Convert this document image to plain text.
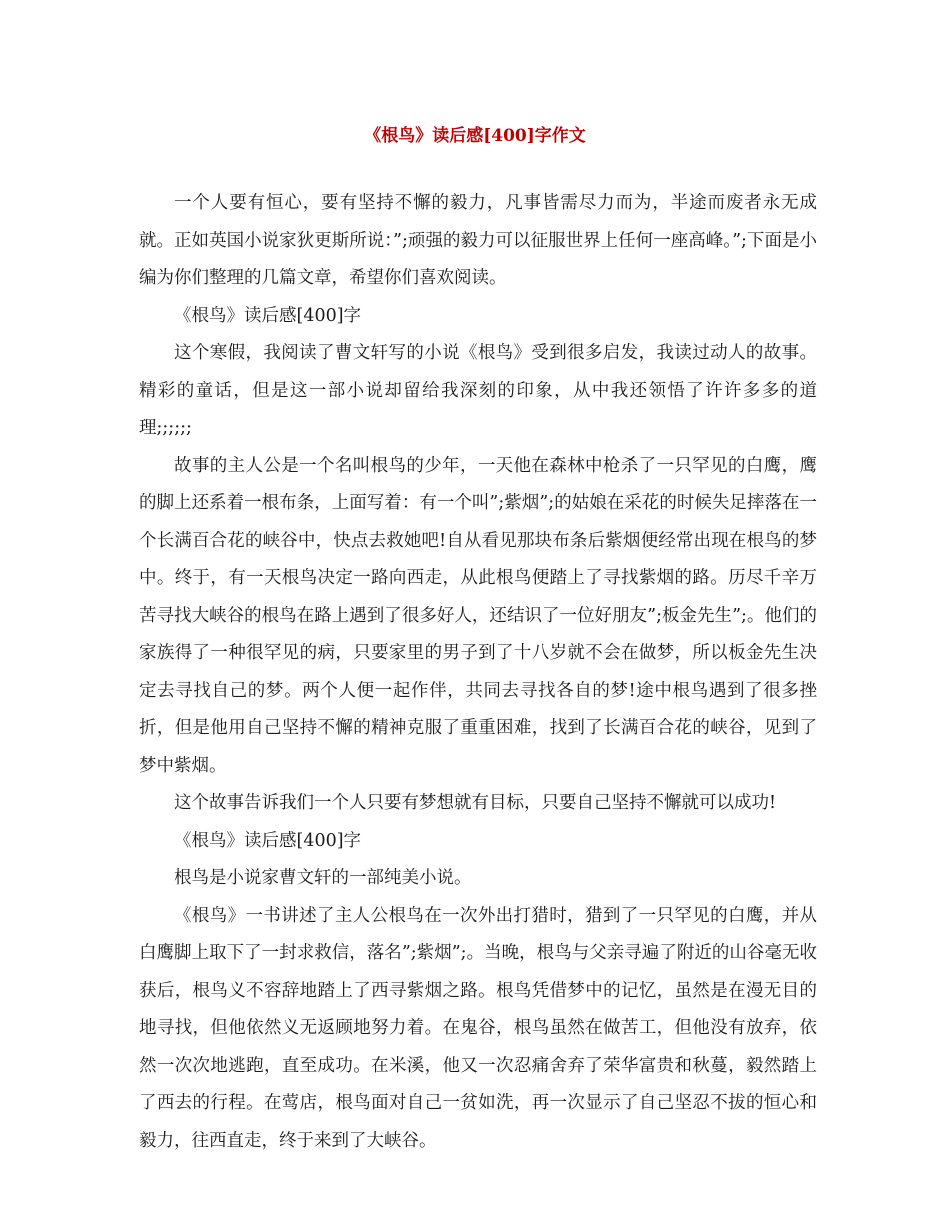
《根鸟》读后感[400]字作文

一个人要有恒心，要有坚持不懈的毅力，凡事皆需尽力而为，半途而废者永无成就。正如英国小说家狄更斯所说：”;顽强的毅力可以征服世界上任何一座高峰。”;下面是小编为你们整理的几篇文章，希望你们喜欢阅读。

《根鸟》读后感[400]字

这个寒假，我阅读了曹文轩写的小说《根鸟》受到很多启发，我读过动人的故事。精彩的童话，但是这一部小说却留给我深刻的印象，从中我还领悟了许许多多的道理;;;;;;

故事的主人公是一个名叫根鸟的少年，一天他在森林中枪杀了一只罕见的白鹰，鹰的脚上还系着一根布条，上面写着：有一个叫”;紫烟”;的姑娘在采花的时候失足摔落在一个长满百合花的峡谷中，快点去救她吧!自从看见那块布条后紫烟便经常出现在根鸟的梦中。终于，有一天根鸟决定一路向西走，从此根鸟便踏上了寻找紫烟的路。历尽千辛万苦寻找大峡谷的根鸟在路上遇到了很多好人，还结识了一位好朋友”;板金先生”;。他们的家族得了一种很罕见的病，只要家里的男子到了十八岁就不会在做梦，所以板金先生决定去寻找自己的梦。两个人便一起作伴，共同去寻找各自的梦!途中根鸟遇到了很多挫折，但是他用自己坚持不懈的精神克服了重重困难，找到了长满百合花的峡谷，见到了梦中紫烟。

这个故事告诉我们一个人只要有梦想就有目标，只要自己坚持不懈就可以成功!

《根鸟》读后感[400]字

根鸟是小说家曹文轩的一部纯美小说。

《根鸟》一书讲述了主人公根鸟在一次外出打猎时，猎到了一只罕见的白鹰，并从白鹰脚上取下了一封求救信，落名”;紫烟”;。当晚，根鸟与父亲寻遍了附近的山谷毫无收获后，根鸟义不容辞地踏上了西寻紫烟之路。根鸟凭借梦中的记忆，虽然是在漫无目的地寻找，但他依然义无返顾地努力着。在鬼谷，根鸟虽然在做苦工，但他没有放弃，依然一次次地逃跑，直至成功。在米溪，他又一次忍痛舍弃了荣华富贵和秋蔓，毅然踏上了西去的行程。在莺店，根鸟面对自己一贫如洗，再一次显示了自己坚忍不拔的恒心和毅力，往西直走，终于来到了大峡谷。
